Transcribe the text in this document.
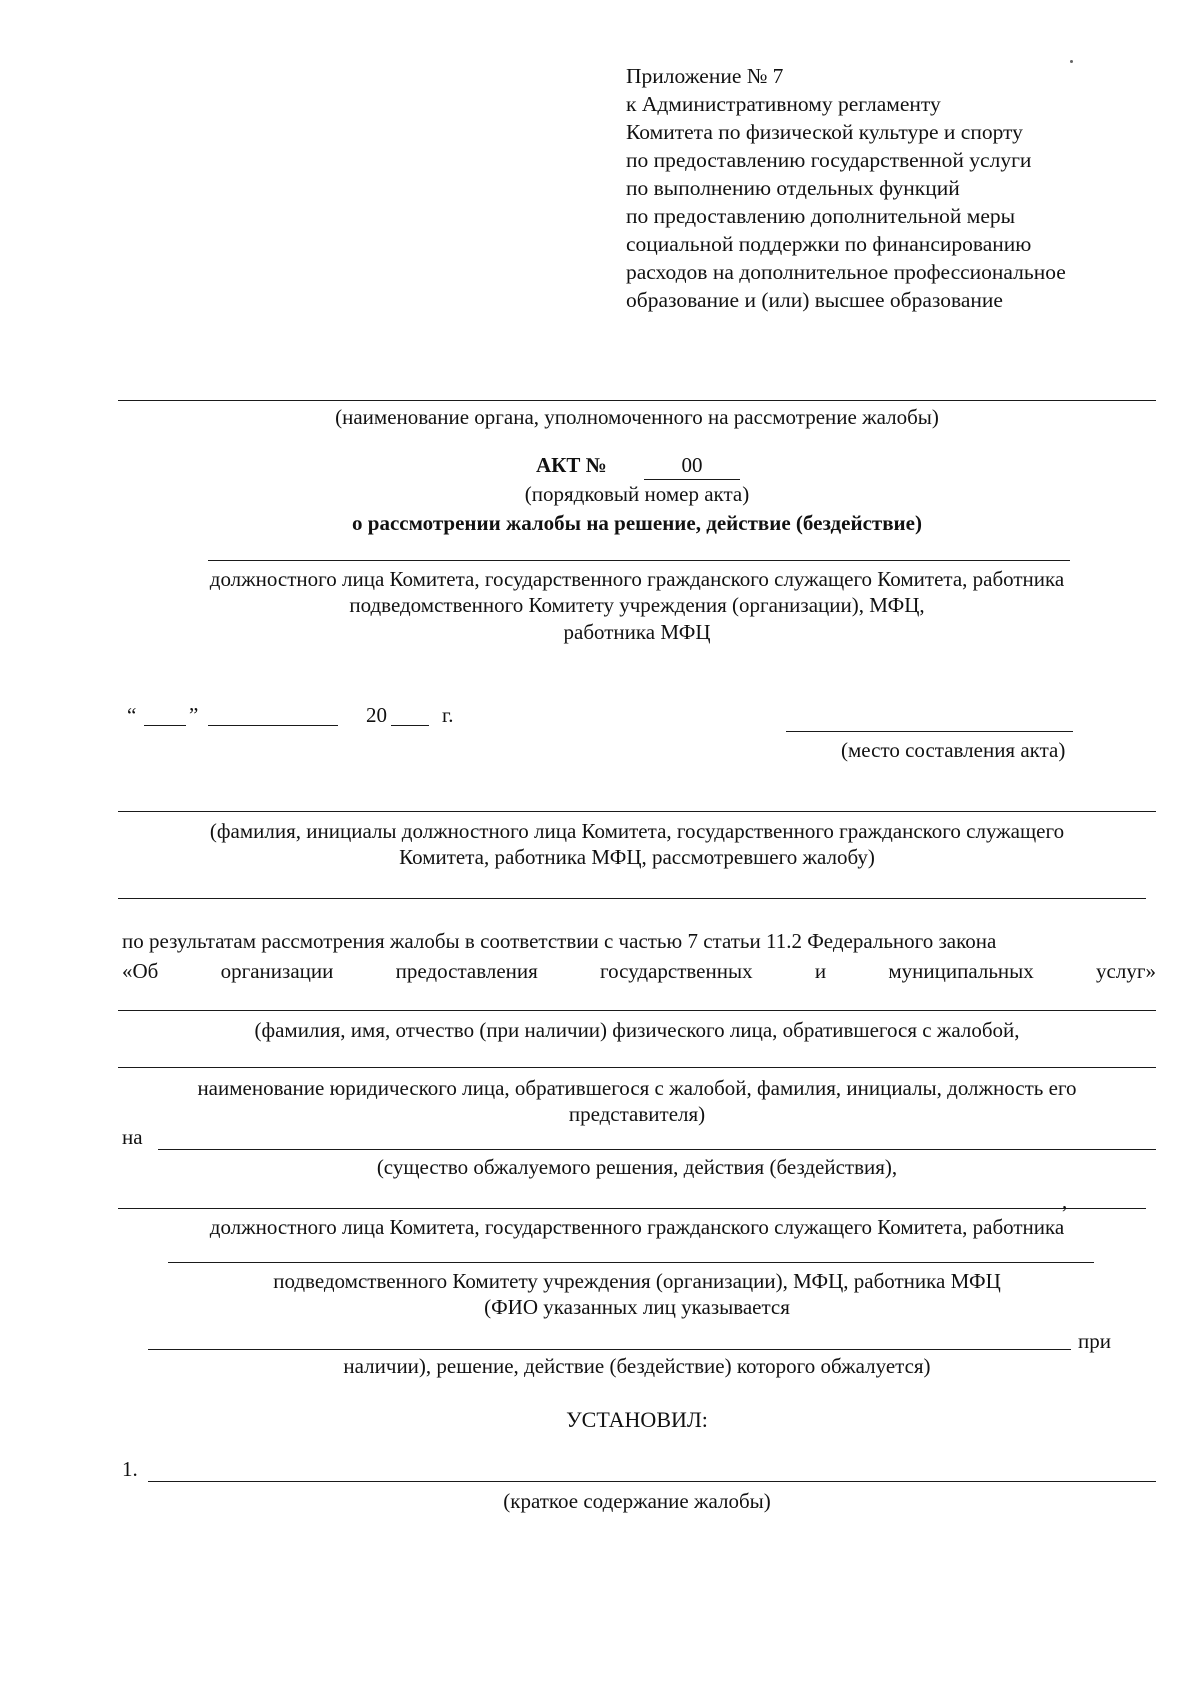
Приложение № 7
к Административному регламенту
Комитета по физической культуре и спорту
по предоставлению государственной услуги
по выполнению отдельных функций
по предоставлению дополнительной меры
социальной поддержки по финансированию
расходов на дополнительное профессиональное
образование и (или) высшее образование
(наименование органа, уполномоченного на рассмотрение жалобы)
АКТ №	00
(порядковый номер акта)
о рассмотрении жалобы на решение, действие (бездействие)
должностного лица Комитета, государственного гражданского служащего Комитета, работника
подведомственного Комитету учреждения (организации), МФЦ,
работника МФЦ
“	”	20	г.
(место составления акта)
(фамилия, инициалы должностного лица Комитета, государственного гражданского служащего
Комитета, работника МФЦ, рассмотревшего жалобу)
по результатам рассмотрения жалобы в соответствии с частью 7 статьи 11.2 Федерального закона
«Об	организации	предоставления	государственных	и	муниципальных	услуг»
(фамилия, имя, отчество (при наличии) физического лица, обратившегося с жалобой,
наименование юридического лица, обратившегося с жалобой, фамилия, инициалы, должность его
представителя)
на
(существо обжалуемого решения, действия (бездействия),
,
должностного лица Комитета, государственного гражданского служащего Комитета, работника
подведомственного Комитету учреждения (организации), МФЦ, работника МФЦ
(ФИО указанных лиц указывается
при
наличии), решение, действие (бездействие) которого обжалуется)
УСТАНОВИЛ:
1.
(краткое содержание жалобы)
